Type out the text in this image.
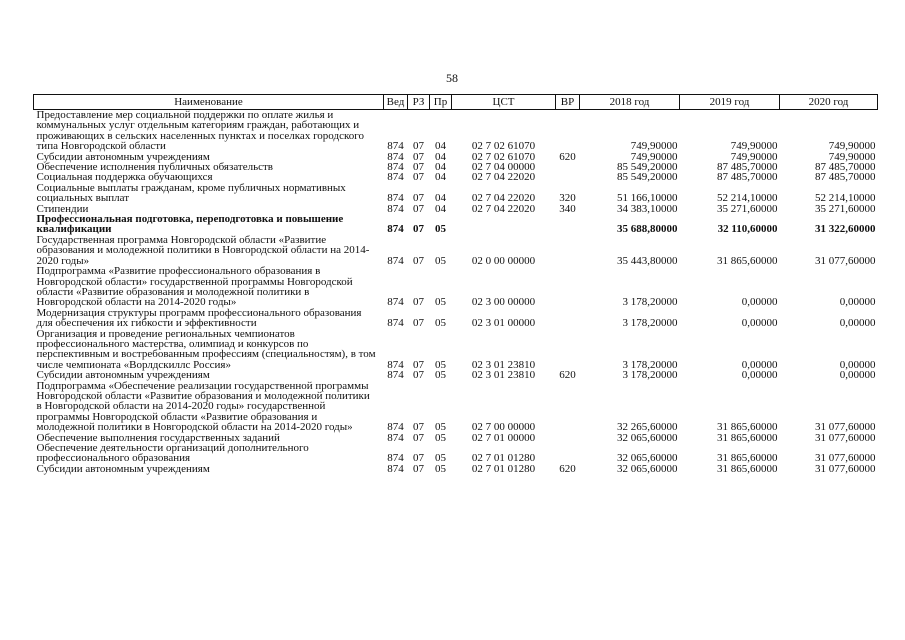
58
Наименование	Вед	РЗ	Пр	ЦСТ	ВР	2018 год	2019 год	2020 год
Предоставление мер социальной поддержки по оплате жилья и коммунальных услуг отдельным категориям граждан, работающих и проживающих в сельских населенных пунктах и поселках городского типа Новгородской области	874	07	04	02 7 02 61070		749,90000	749,90000	749,90000
Субсидии автономным учреждениям	874	07	04	02 7 02 61070	620	749,90000	749,90000	749,90000
Обеспечение исполнения публичных обязательств	874	07	04	02 7 04 00000		85 549,20000	87 485,70000	87 485,70000
Социальная поддержка обучающихся	874	07	04	02 7 04 22020		85 549,20000	87 485,70000	87 485,70000
Социальные выплаты гражданам, кроме публичных нормативных социальных выплат	874	07	04	02 7 04 22020	320	51 166,10000	52 214,10000	52 214,10000
Стипендии	874	07	04	02 7 04 22020	340	34 383,10000	35 271,60000	35 271,60000
Профессиональная подготовка, переподготовка и повышение квалификации	874	07	05			35 688,80000	32 110,60000	31 322,60000
Государственная программа Новгородской области «Развитие образования и молодежной политики в Новгородской области на 2014-2020 годы»	874	07	05	02 0 00 00000		35 443,80000	31 865,60000	31 077,60000
Подпрограмма «Развитие профессионального образования в Новгородской области» государственной программы Новгородской области «Развитие образования и молодежной политики в Новгородской области на 2014-2020 годы»	874	07	05	02 3 00 00000		3 178,20000	0,00000	0,00000
Модернизация структуры программ профессионального образования для обеспечения их гибкости и эффективности	874	07	05	02 3 01 00000		3 178,20000	0,00000	0,00000
Организация и проведение региональных чемпионатов профессионального мастерства, олимпиад и конкурсов по перспективным и востребованным профессиям (специальностям), в том числе чемпионата «Ворлдскиллс Россия»	874	07	05	02 3 01 23810		3 178,20000	0,00000	0,00000
Субсидии автономным учреждениям	874	07	05	02 3 01 23810	620	3 178,20000	0,00000	0,00000
Подпрограмма «Обеспечение реализации государственной программы Новгородской области «Развитие образования и молодежной политики в Новгородской области на 2014-2020 годы» государственной программы Новгородской области «Развитие образования и молодежной политики в Новгородской области на 2014-2020 годы»	874	07	05	02 7 00 00000		32 265,60000	31 865,60000	31 077,60000
Обеспечение выполнения государственных заданий	874	07	05	02 7 01 00000		32 065,60000	31 865,60000	31 077,60000
Обеспечение деятельности организаций дополнительного профессионального образования	874	07	05	02 7 01 01280		32 065,60000	31 865,60000	31 077,60000
Субсидии автономным учреждениям	874	07	05	02 7 01 01280	620	32 065,60000	31 865,60000	31 077,60000
